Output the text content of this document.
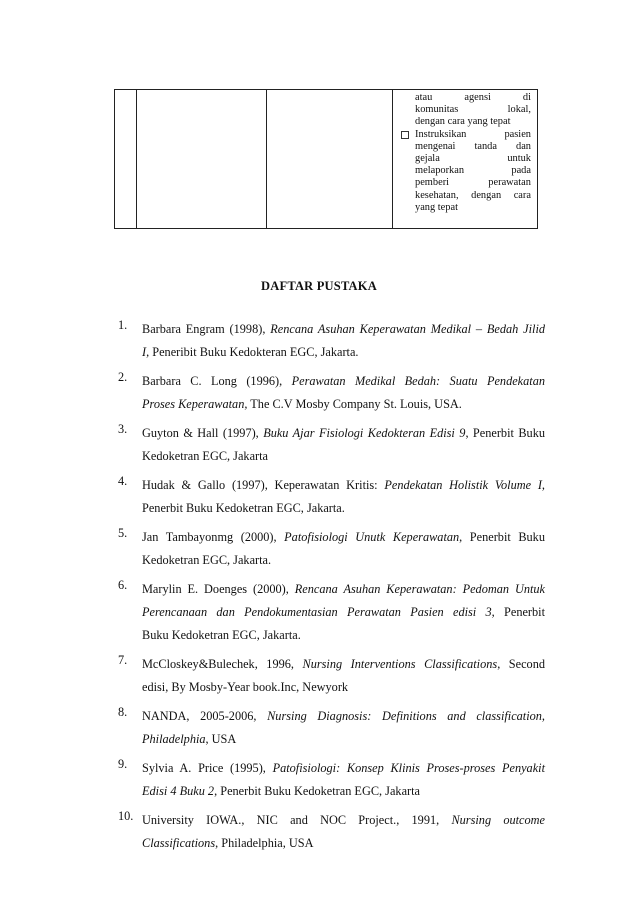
atau agensi di
komunitas lokal,
dengan cara yang tepat
Instruksikan pasien
mengenai tanda dan
gejala untuk
melaporkan pada
pemberi perawatan
kesehatan, dengan cara
yang tepat
DAFTAR PUSTAKA
1. Barbara Engram (1998), Rencana Asuhan Keperawatan Medikal – Bedah Jilid
I, Peneribit Buku Kedokteran EGC, Jakarta.
2. Barbara C. Long (1996), Perawatan Medikal Bedah: Suatu Pendekatan
Proses Keperawatan, The C.V Mosby Company St. Louis, USA.
3. Guyton & Hall (1997), Buku Ajar Fisiologi Kedokteran Edisi 9, Penerbit Buku
Kedoketran EGC, Jakarta
4. Hudak & Gallo (1997), Keperawatan Kritis: Pendekatan Holistik Volume I,
Penerbit Buku Kedoketran EGC, Jakarta.
5. Jan Tambayonmg (2000), Patofisiologi Unutk Keperawatan, Penerbit Buku
Kedoketran EGC, Jakarta.
6. Marylin E. Doenges (2000), Rencana Asuhan Keperawatan: Pedoman Untuk
Perencanaan dan Pendokumentasian Perawatan Pasien edisi 3, Penerbit
Buku Kedoketran EGC, Jakarta.
7. McCloskey&Bulechek, 1996, Nursing Interventions Classifications, Second
edisi, By Mosby-Year book.Inc, Newyork
8. NANDA, 2005-2006, Nursing Diagnosis: Definitions and classification,
Philadelphia, USA
9. Sylvia A. Price (1995), Patofisiologi: Konsep Klinis Proses-proses Penyakit
Edisi 4 Buku 2, Penerbit Buku Kedoketran EGC, Jakarta
10. University IOWA., NIC and NOC Project., 1991, Nursing outcome
Classifications, Philadelphia, USA
